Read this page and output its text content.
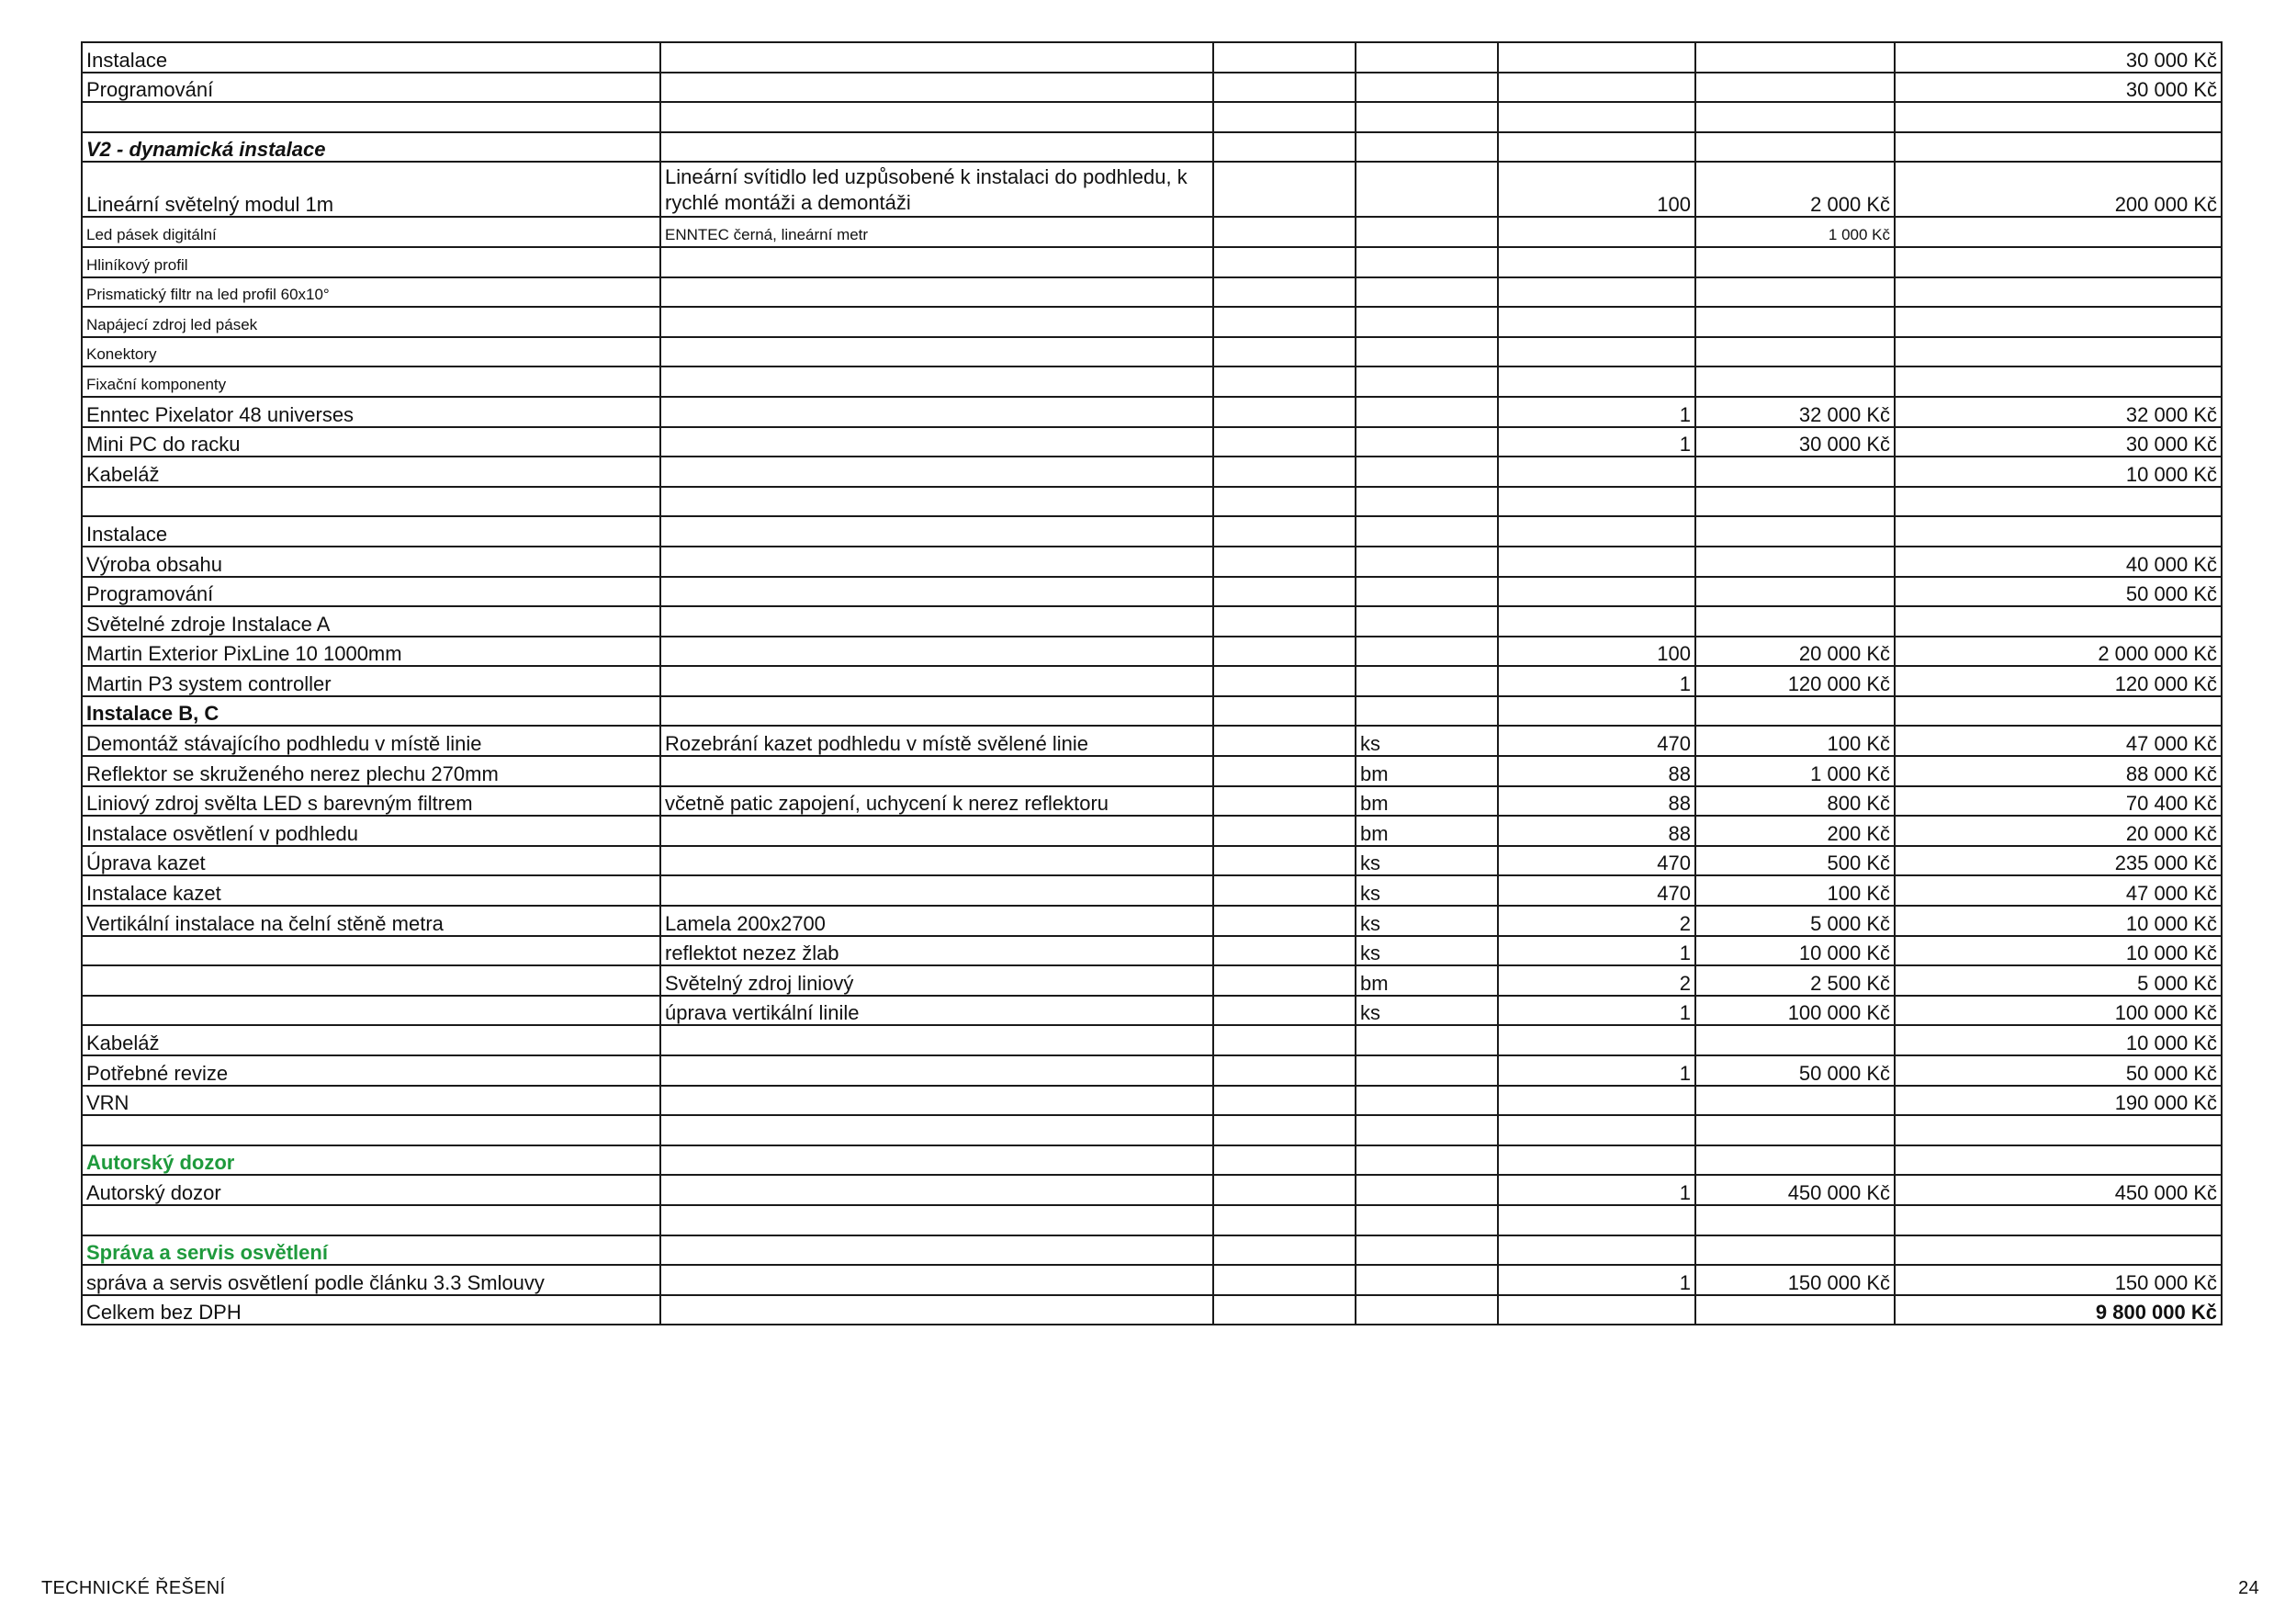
Instalace						30 000 Kč
Programování						30 000 Kč

V2 - dynamická instalace						
Lineární světelný modul 1m	Lineární svítidlo led uzpůsobené k instalaci do podhledu, k rychlé montáži a demontáži			100	2 000 Kč	200 000 Kč
Led pásek digitální	ENNTEC černá, lineární metr				1 000 Kč	
Hliníkový profil						
Prismatický filtr na led profil 60x10°						
Napájecí zdroj led pásek						
Konektory						
Fixační komponenty						
Enntec Pixelator 48 universes				1	32 000 Kč	32 000 Kč
Mini PC do racku				1	30 000 Kč	30 000 Kč
Kabeláž						10 000 Kč

Instalace						
Výroba obsahu						40 000 Kč
Programování						50 000 Kč
Světelné zdroje Instalace A						
Martin Exterior PixLine 10 1000mm				100	20 000 Kč	2 000 000 Kč
Martin P3 system controller				1	120 000 Kč	120 000 Kč
Instalace B, C						
Demontáž stávajícího podhledu v místě linie	Rozebrání kazet podhledu v místě svělené linie		ks	470	100 Kč	47 000 Kč
Reflektor se skruženého nerez plechu 270mm			bm	88	1 000 Kč	88 000 Kč
Liniový zdroj svělta LED s barevným filtrem	včetně patic zapojení, uchycení k nerez reflektoru		bm	88	800 Kč	70 400 Kč
Instalace osvětlení v podhledu			bm	88	200 Kč	20 000 Kč
Úprava kazet			ks	470	500 Kč	235 000 Kč
Instalace kazet			ks	470	100 Kč	47 000 Kč
Vertikální instalace na čelní stěně metra	Lamela 200x2700		ks	2	5 000 Kč	10 000 Kč
	reflektot nezez žlab		ks	1	10 000 Kč	10 000 Kč
	Světelný zdroj liniový		bm	2	2 500 Kč	5 000 Kč
	úprava vertikální linile		ks	1	100 000 Kč	100 000 Kč
Kabeláž						10 000 Kč
Potřebné revize				1	50 000 Kč	50 000 Kč
VRN						190 000 Kč

Autorský dozor						
Autorský dozor				1	450 000 Kč	450 000 Kč

Správa a servis osvětlení						
správa a servis osvětlení podle článku 3.3 Smlouvy				1	150 000 Kč	150 000 Kč
Celkem bez DPH						9 800 000 Kč
TECHNICKÉ ŘEŠENÍ	24
